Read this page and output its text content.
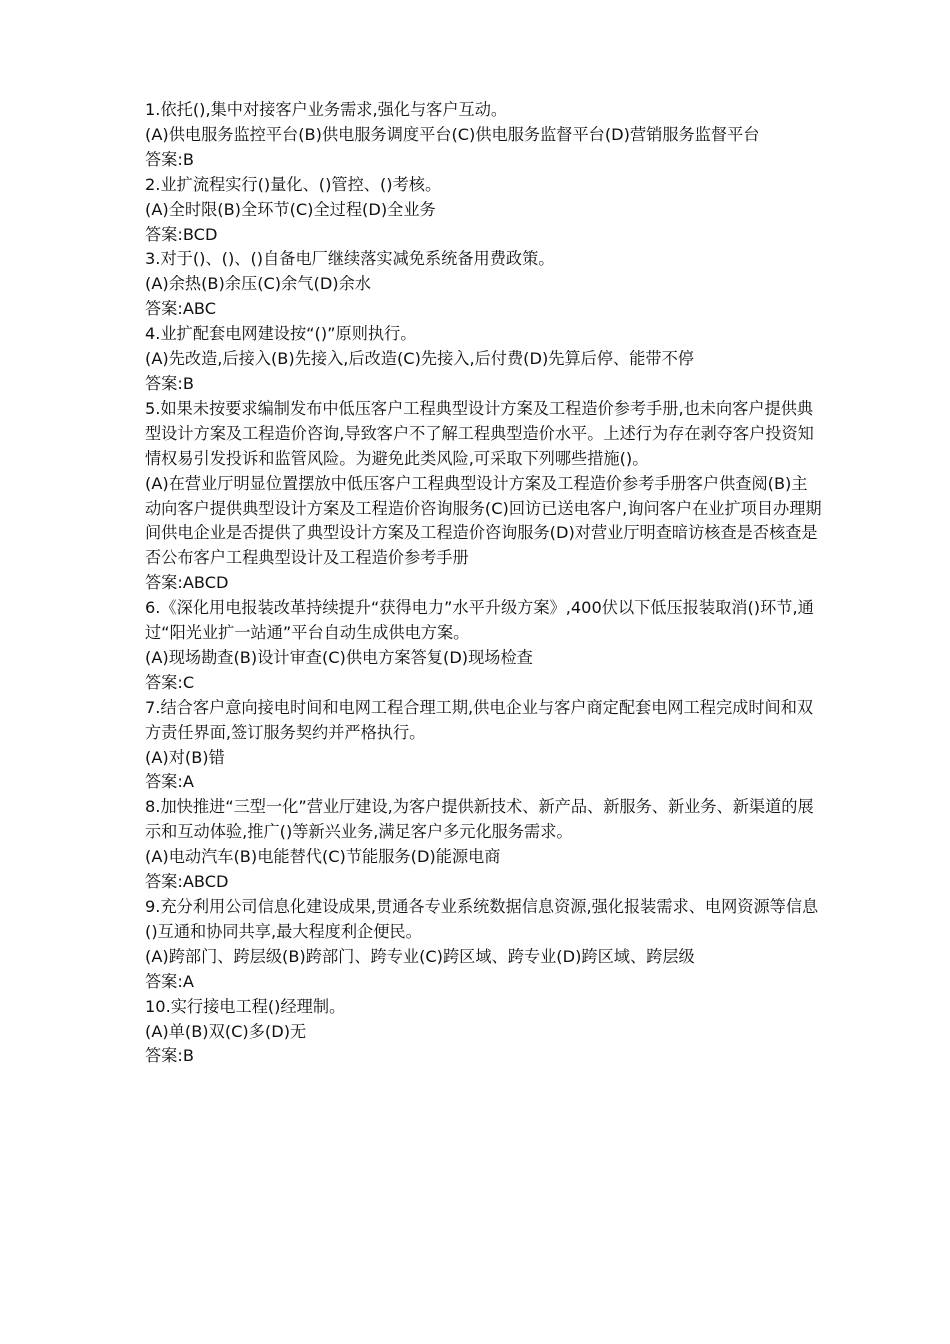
1.依托(),集中对接客户业务需求,强化与客户互动。

(A)供电服务监控平台(B)供电服务调度平台(C)供电服务监督平台(D)营销服务监督平台

答案:B

2.业扩流程实行()量化、()管控、()考核。

(A)全时限(B)全环节(C)全过程(D)全业务

答案:BCD

3.对于()、()、()自备电厂继续落实减免系统备用费政策。

(A)余热(B)余压(C)余气(D)余水

答案:ABC

4.业扩配套电网建设按“()”原则执行。

(A)先改造,后接入(B)先接入,后改造(C)先接入,后付费(D)先算后停、能带不停

答案:B

5.如果未按要求编制发布中低压客户工程典型设计方案及工程造价参考手册,也未向客户提供典型设计方案及工程造价咨询,导致客户不了解工程典型造价水平。上述行为存在剥夺客户投资知情权易引发投诉和监管风险。为避免此类风险,可采取下列哪些措施()。

(A)在营业厅明显位置摆放中低压客户工程典型设计方案及工程造价参考手册客户供查阅(B)主动向客户提供典型设计方案及工程造价咨询服务(C)回访已送电客户,询问客户在业扩项目办理期间供电企业是否提供了典型设计方案及工程造价咨询服务(D)对营业厅明查暗访核查是否核查是否公布客户工程典型设计及工程造价参考手册

答案:ABCD

6.《深化用电报装改革持续提升“获得电力”水平升级方案》,400伏以下低压报装取消()环节,通过“阳光业扩一站通”平台自动生成供电方案。

(A)现场勘查(B)设计审查(C)供电方案答复(D)现场检查

答案:C

7.结合客户意向接电时间和电网工程合理工期,供电企业与客户商定配套电网工程完成时间和双方责任界面,签订服务契约并严格执行。

(A)对(B)错

答案:A

8.加快推进“三型一化”营业厅建设,为客户提供新技术、新产品、新服务、新业务、新渠道的展示和互动体验,推广()等新兴业务,满足客户多元化服务需求。

(A)电动汽车(B)电能替代(C)节能服务(D)能源电商

答案:ABCD

9.充分利用公司信息化建设成果,贯通各专业系统数据信息资源,强化报装需求、电网资源等信息()互通和协同共享,最大程度利企便民。

(A)跨部门、跨层级(B)跨部门、跨专业(C)跨区域、跨专业(D)跨区域、跨层级

答案:A

10.实行接电工程()经理制。

(A)单(B)双(C)多(D)无

答案:B
